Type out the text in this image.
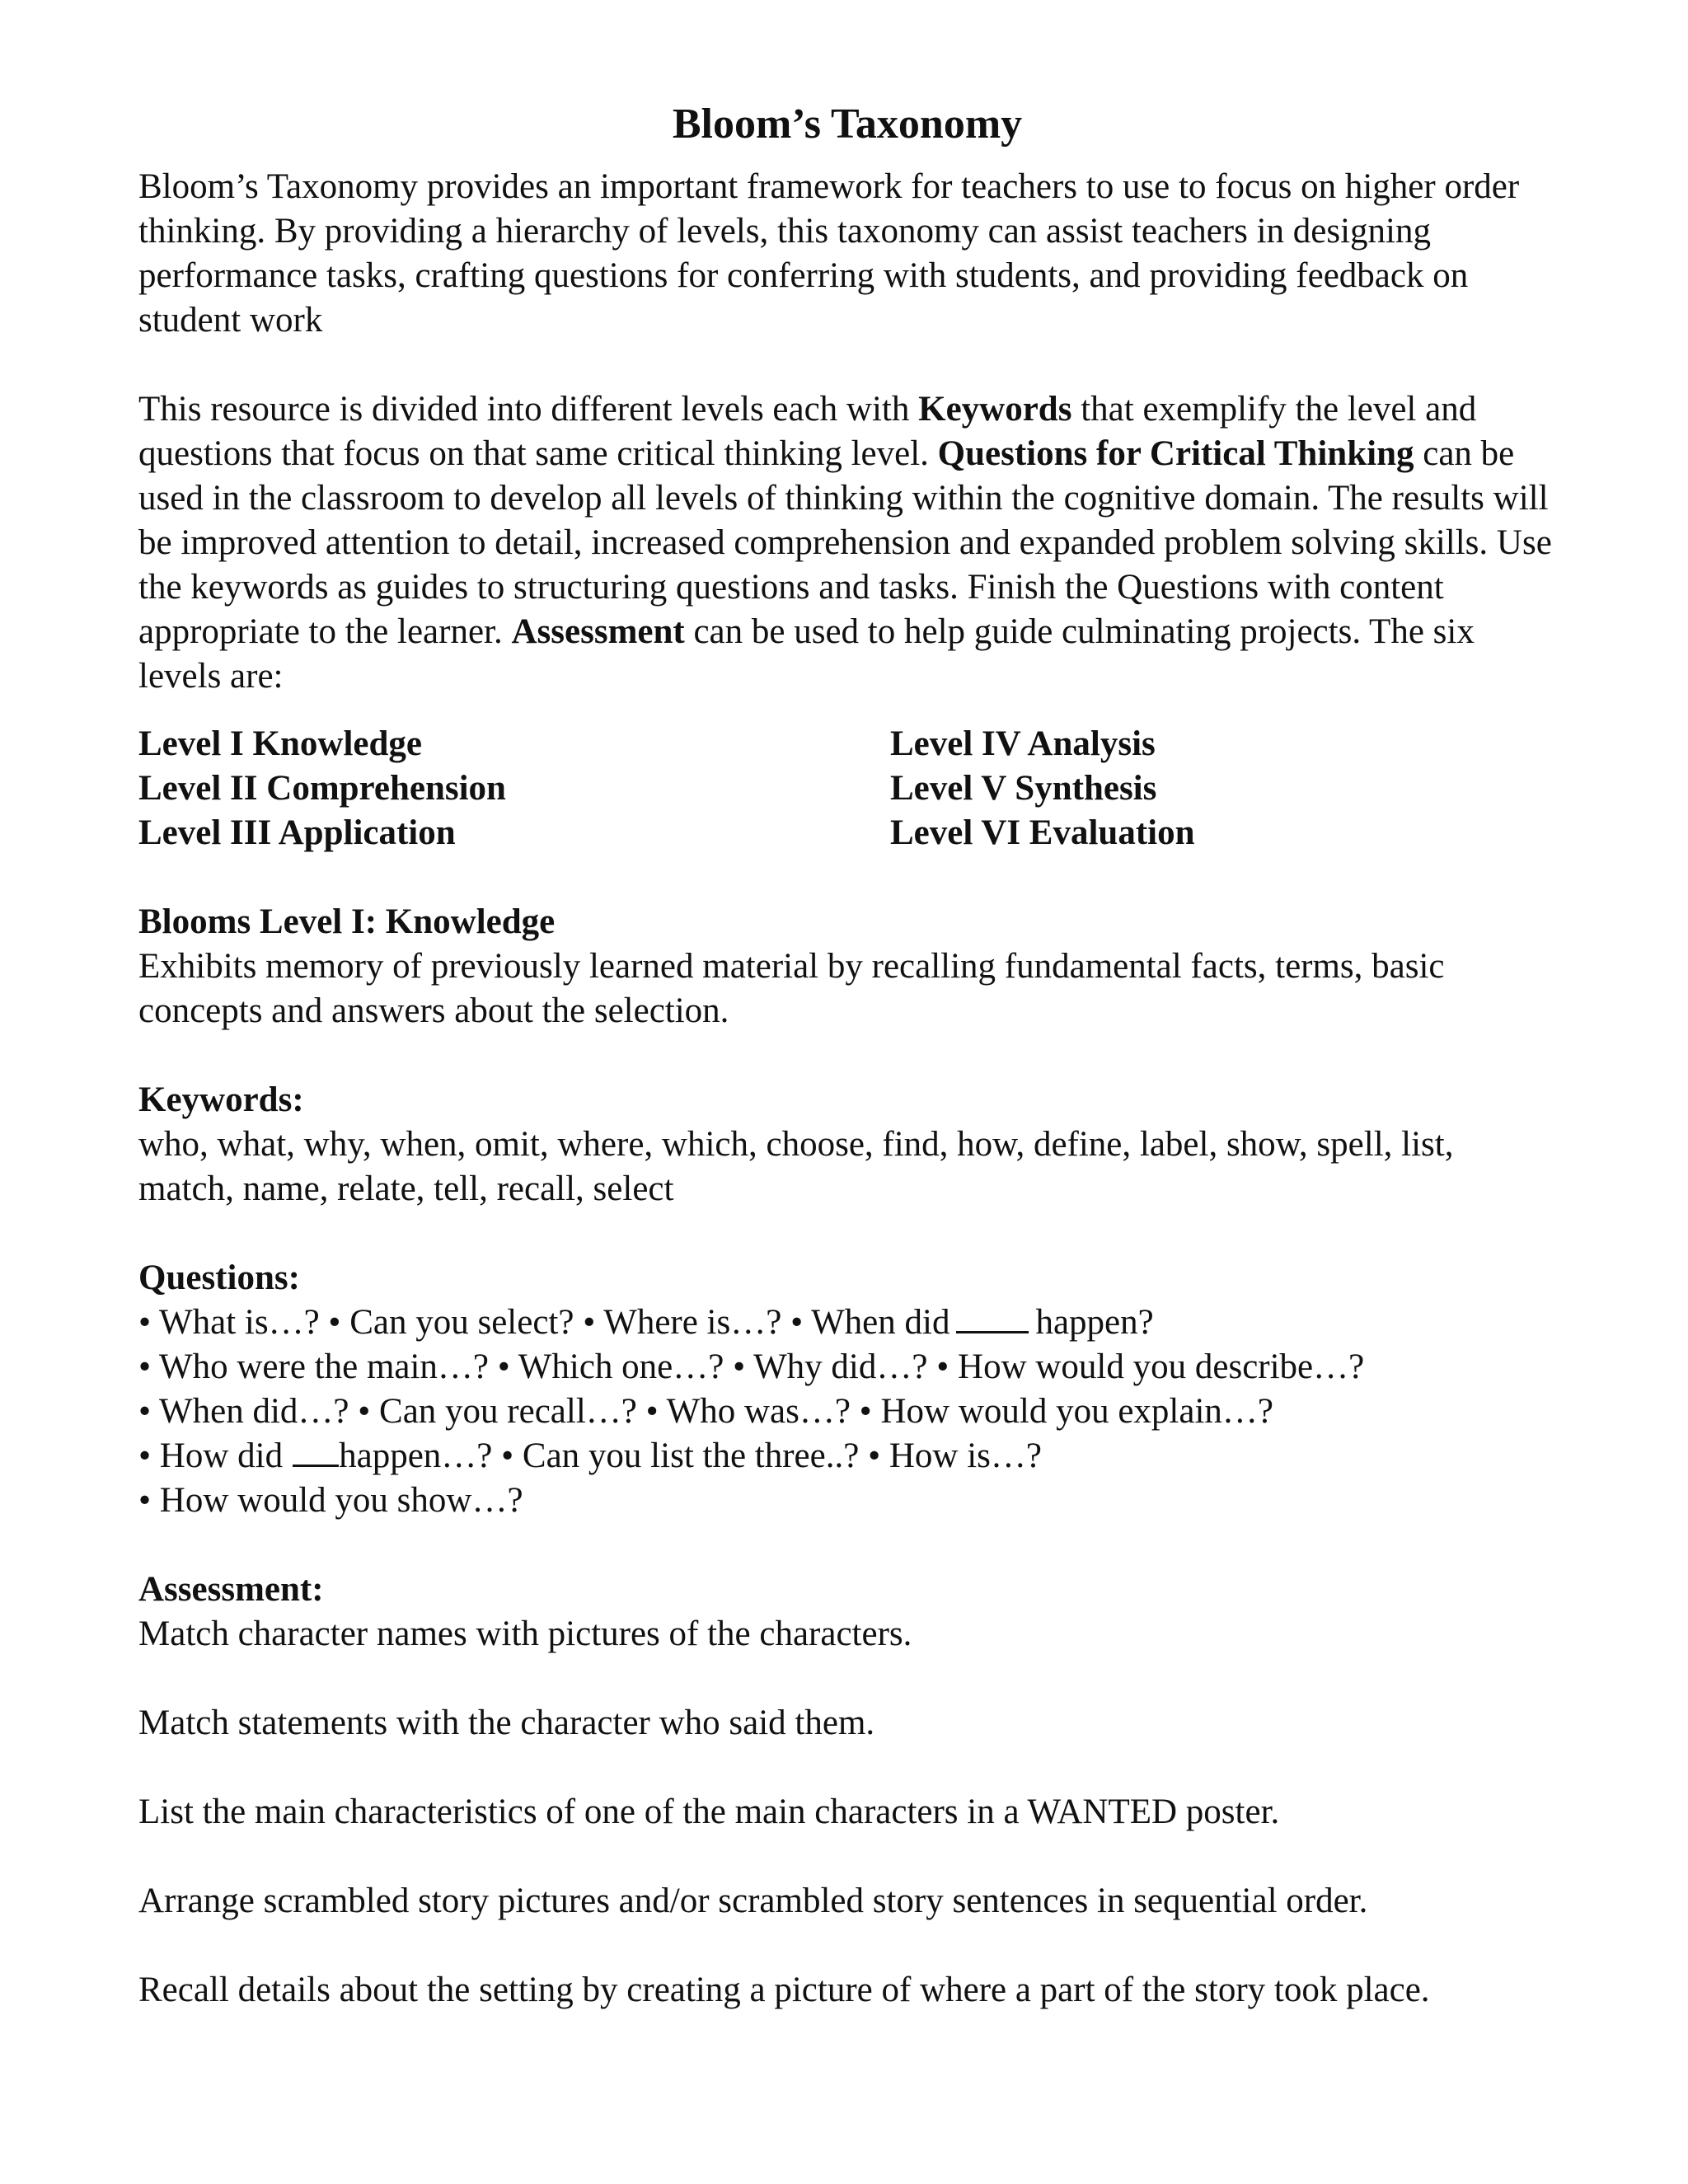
Bloom’s Taxonomy

Bloom’s Taxonomy provides an important framework for teachers to use to focus on higher order thinking. By providing a hierarchy of levels, this taxonomy can assist teachers in designing performance tasks, crafting questions for conferring with students, and providing feedback on student work

This resource is divided into different levels each with Keywords that exemplify the level and questions that focus on that same critical thinking level. Questions for Critical Thinking can be used in the classroom to develop all levels of thinking within the cognitive domain. The results will be improved attention to detail, increased comprehension and expanded problem solving skills. Use the keywords as guides to structuring questions and tasks. Finish the Questions with content appropriate to the learner. Assessment can be used to help guide culminating projects. The six levels are:

Level I Knowledge	Level IV Analysis
Level II Comprehension	Level V Synthesis
Level III Application	Level VI Evaluation
Blooms Level I: Knowledge

Exhibits memory of previously learned material by recalling fundamental facts, terms, basic concepts and answers about the selection.

Keywords:

who, what, why, when, omit, where, which, choose, find, how, define, label, show, spell, list, match, name, relate, tell, recall, select

Questions:
• What is…? • Can you select? • Where is…? • When did happen?
• Who were the main…? • Which one…? • Why did…? • How would you describe…?
• When did…? • Can you recall…? • Who was…? • How would you explain…?
• How did happen…? • Can you list the three..? • How is…?
• How would you show…?
Assessment:

Match character names with pictures of the characters.

Match statements with the character who said them.

List the main characteristics of one of the main characters in a WANTED poster.

Arrange scrambled story pictures and/or scrambled story sentences in sequential order.

Recall details about the setting by creating a picture of where a part of the story took place.
